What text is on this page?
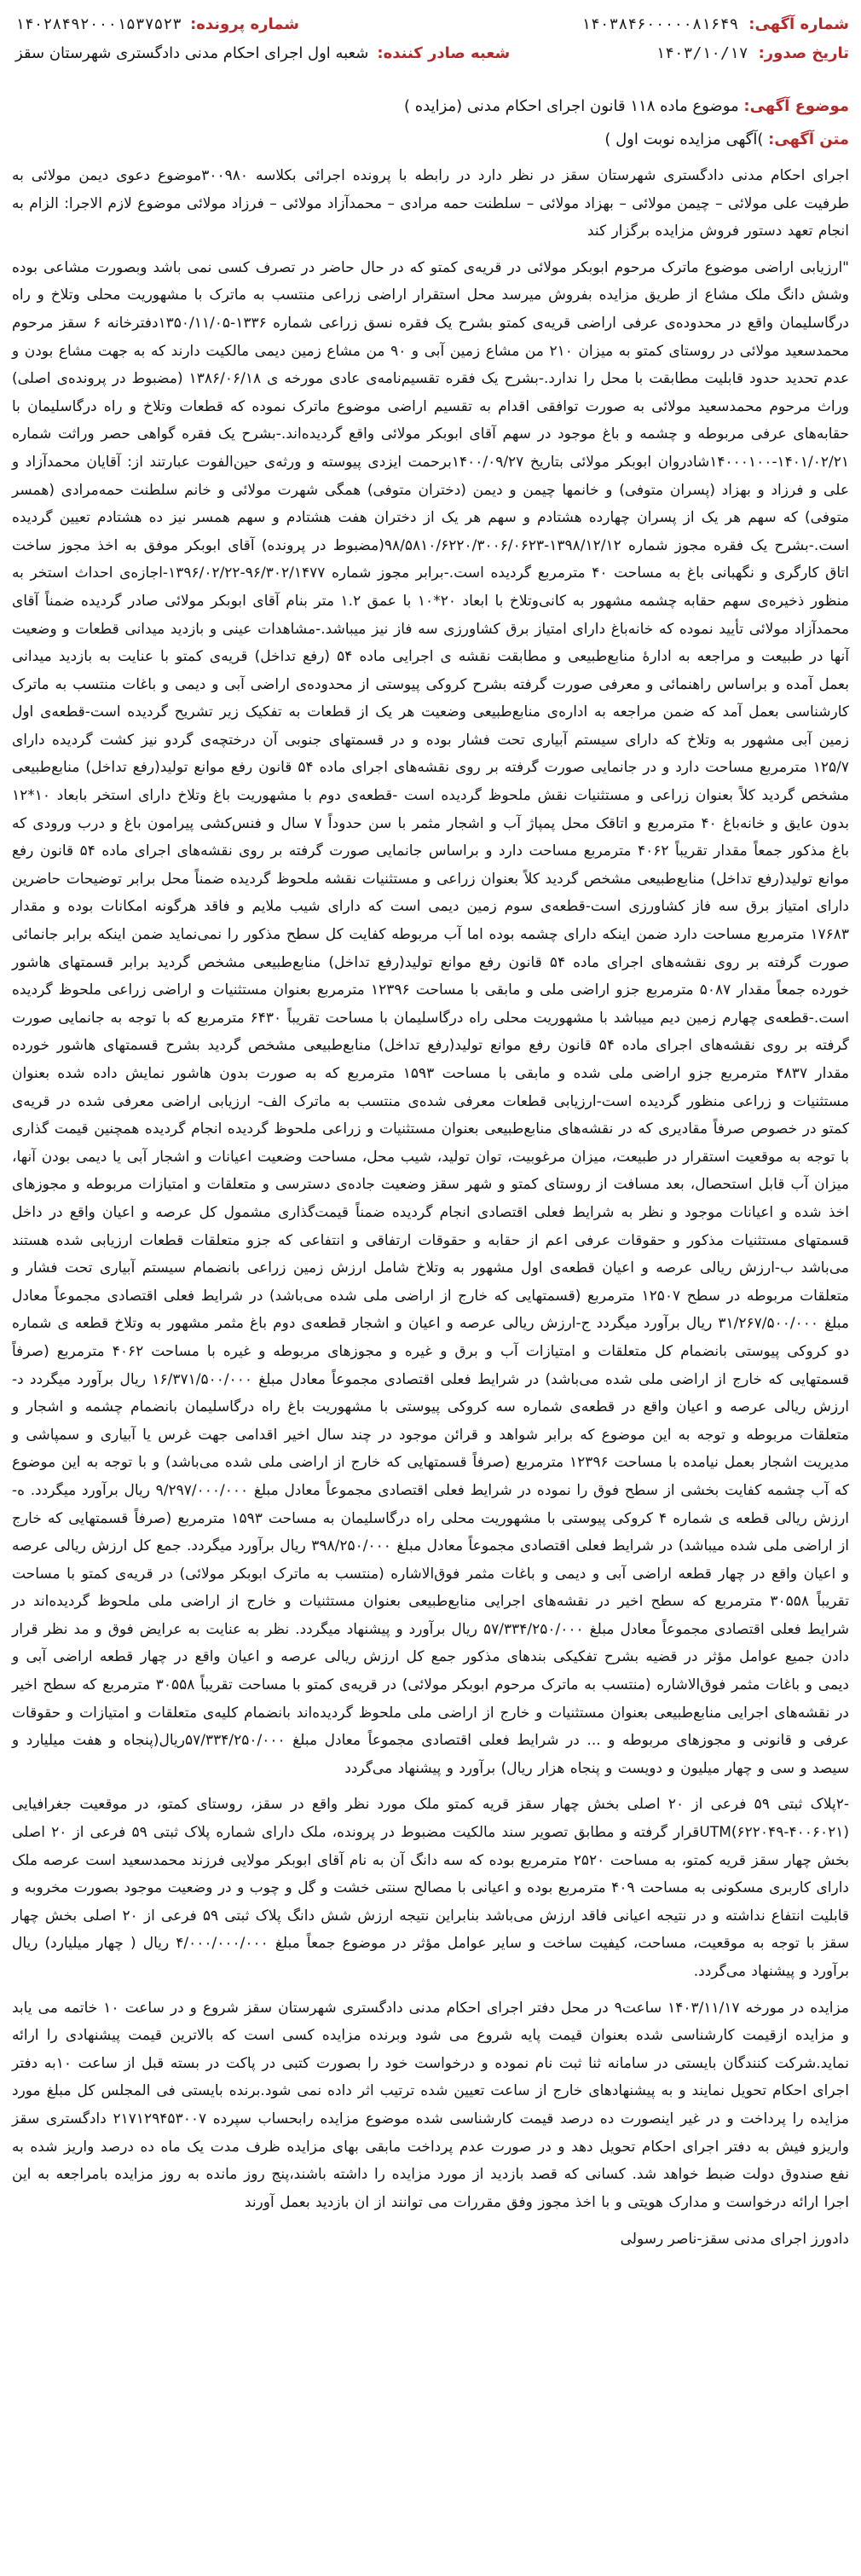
شماره آگهی:
۱۴۰۳۸۴۶۰۰۰۰۰۸۱۶۴۹
تاریخ صدور:
۱۴۰۳/۱۰/۱۷
شماره پرونده:
۱۴۰۲۸۴۹۲۰۰۰۱۵۳۷۵۲۳
شعبه صادر کننده:
شعبه اول اجرای احکام مدنی دادگستری شهرستان سقز
موضوع آگهی: موضوع ماده ۱۱۸ قانون اجرای احکام مدنی (مزایده )
متن آگهی: )آگهی مزایده نوبت اول )

اجرای احکام مدنی دادگستری شهرستان سقز در نظر دارد در رابطه با پرونده اجرائی بکلاسه ۳۰۰۹۸۰موضوع دعوی دیمن مولائی به طرفیت علی مولائی – چیمن مولائی – بهزاد مولائی – سلطنت حمه مرادی – محمدآزاد مولائی – فرزاد مولائی موضوع لازم الاجرا: الزام به انجام تعهد دستور فروش مزایده برگزار کند

"ارزیابی اراضی موضوع ماترک مرحوم ابوبکر مولائی در قریه‌ی کمتو که در حال حاضر در تصرف کسی نمی باشد وبصورت مشاعی بوده وشش دانگ ملک مشاع از طریق مزایده بفروش میرسد محل استقرار اراضی زراعی منتسب به ماترک با مشهوریت محلی وتلاخ و راه درگاسلیمان واقع در محدوده‌ی عرفی اراضی قریه‌ی کمتو بشرح یک فقره نسق زراعی شماره ۱۳۳۶-۱۳۵۰/۱۱/۰۵دفترخانه ۶ سقز مرحوم محمدسعید مولائی در روستای کمتو به میزان ۲۱۰ من مشاع زمین آبی و ۹۰ من مشاع زمین دیمی مالکیت دارند که به جهت مشاع بودن و عدم تحدید حدود قابلیت مطابقت با محل را ندارد.-بشرح یک فقره تقسیم‌نامه‌ی عادی مورخه ی ۱۳۸۶/۰۶/۱۸ (مضبوط در پرونده‌ی اصلی) وراث مرحوم محمدسعید مولائی به صورت توافقی اقدام به تقسیم اراضی موضوع ماترک نموده که قطعات وتلاخ و راه درگاسلیمان با حقابه‌های عرفی مربوطه و چشمه و باغ موجود در سهم آقای ابوبکر مولائی واقع گردیده‌اند.-بشرح یک فقره گواهی حصر وراثت شماره ۱۴۰۱/۰۲/۲۱-۱۴۰۰۰۱۰۰شادروان ابوبکر مولائی بتاریخ ۱۴۰۰/۰۹/۲۷برحمت ایزدی پیوسته و ورثه‌ی حین‌الفوت عبارتند از: آقایان محمدآزاد و علی و فرزاد و بهزاد (پسران متوفی) و خانمها چیمن و دیمن (دختران متوفی) همگی شهرت مولائی و خانم سلطنت حمه‌مرادی (همسر متوفی) که سهم هر یک از پسران چهارده هشتادم و سهم هر یک از دختران هفت هشتادم و سهم همسر نیز ده هشتادم تعیین گردیده است.-بشرح یک فقره مجوز شماره ۱۳۹۸/۱۲/۱۲-۹۸/۵۸۱۰/۶۲۲۰/۳۰۰۶/۰۶۲۳(مضبوط در پرونده) آقای ابوبکر موفق به اخذ مجوز ساخت اتاق کارگری و نگهبانی باغ به مساحت ۴۰ مترمربع گردیده است.-برابر مجوز شماره ۹۶/۳۰۲/۱۴۷۷-۱۳۹۶/۰۲/۲۲-اجازه‌ی احداث استخر به منظور ذخیره‌ی سهم حقابه چشمه مشهور به کانی‌وتلاخ با ابعاد ۲۰*۱۰ با عمق ۱.۲ متر بنام آقای ابوبکر مولائی صادر گردیده ضمناً آقای محمدآزاد مولائی تأیید نموده که خانه‌باغ دارای امتیاز برق کشاورزی سه فاز نیز میباشد.-مشاهدات عینی و بازدید میدانی قطعات و وضعیت آنها در طبیعت و مراجعه به ادارهٔ منابع‌طبیعی و مطابقت نقشه ی اجرایی ماده ۵۴ (رفع تداخل) قریه‌ی کمتو با عنایت به بازدید میدانی بعمل آمده و براساس راهنمائی و معرفی صورت گرفته بشرح کروکی پیوستی از محدوده‌ی اراضی آبی و دیمی و باغات منتسب به ماترک کارشناسی بعمل آمد که ضمن مراجعه به اداره‌ی منابع‌طبیعی وضعیت هر یک از قطعات به تفکیک زیر تشریح گردیده است-قطعه‌ی اول زمین آبی مشهور به وتلاخ که دارای سیستم آبیاری تحت فشار بوده و در قسمتهای جنوبی آن درختچه‌ی گردو نیز کشت گردیده دارای ۱۲۵/۷ مترمربع مساحت دارد و در جانمایی صورت گرفته بر روی نقشه‌های اجرای ماده ۵۴ قانون رفع موانع تولید(رفع تداخل) منابع‌طبیعی مشخص گردید کلاً بعنوان زراعی و مستثنیات نقش ملحوظ گردیده است -قطعه‌ی دوم با مشهوریت باغ وتلاخ دارای استخر بابعاد ۱۰*۱۲ بدون عایق و خانه‌باغ ۴۰ مترمربع و اتاقک محل پمپاژ آب و اشجار مثمر با سن حدوداً ۷ سال و فنس‌کشی پیرامون باغ و درب ورودی که باغ مذکور جمعاً مقدار تقریباً ۴۰۶۲ مترمربع مساحت دارد و براساس جانمایی صورت گرفته بر روی نقشه‌های اجرای ماده ۵۴ قانون رفع موانع تولید(رفع تداخل) منابع‌طبیعی مشخص گردید کلاً بعنوان زراعی و مستثنیات نقشه ملحوظ گردیده ضمناً محل برابر توضیحات حاضرین دارای امتیاز برق سه فاز کشاورزی است-قطعه‌ی سوم زمین دیمی است که دارای شیب ملایم و فاقد هرگونه امکانات بوده و مقدار ۱۷۶۸۳ مترمربع مساحت دارد ضمن اینکه دارای چشمه بوده اما آب مربوطه کفایت کل سطح مذکور را نمی‌نماید ضمن اینکه برابر جانمائی صورت گرفته بر روی نقشه‌های اجرای ماده ۵۴ قانون رفع موانع تولید(رفع تداخل) منابع‌طبیعی مشخص گردید برابر قسمتهای هاشور خورده جمعاً مقدار ۵۰۸۷ مترمربع جزو اراضی ملی و مابقی با مساحت ۱۲۳۹۶ مترمربع بعنوان مستثنیات و اراضی زراعی ملحوظ گردیده است.-قطعه‌ی چهارم زمین دیم میباشد با مشهوریت محلی راه درگاسلیمان با مساحت تقریباً ۶۴۳۰ مترمربع که با توجه به جانمایی صورت گرفته بر روی نقشه‌های اجرای ماده ۵۴ قانون رفع موانع تولید(رفع تداخل) منابع‌طبیعی مشخص گردید بشرح قسمتهای هاشور خورده مقدار ۴۸۳۷ مترمربع جزو اراضی ملی شده و مابقی با مساحت ۱۵۹۳ مترمربع که به صورت بدون هاشور نمایش داده شده بعنوان مستثنیات و زراعی منظور گردیده است-ارزیابی قطعات معرفی شده‌ی منتسب به ماترک الف- ارزیابی اراضی معرفی شده در قریه‌ی کمتو در خصوص صرفاً مقادیری که در نقشه‌های منابع‌طبیعی بعنوان مستثنیات و زراعی ملحوظ گردیده انجام گردیده همچنین قیمت گذاری با توجه به موقعیت استقرار در طبیعت، میزان مرغوبیت، توان تولید، شیب محل، مساحت وضعیت اعیانات و اشجار آبی یا دیمی بودن آنها، میزان آب قابل استحصال، بعد مسافت از روستای کمتو و شهر سقز وضعیت جاده‌ی دسترسی و متعلقات و امتیازات مربوطه و مجوزهای اخذ شده و اعیانات موجود و نظر به شرایط فعلی اقتصادی انجام گردیده ضمناً قیمت‌گذاری مشمول کل عرصه و اعیان واقع در داخل قسمتهای مستثنیات مذکور و حقوقات عرفی اعم از حقابه و حقوقات ارتفاقی و انتفاعی که جزو متعلقات قطعات ارزیابی شده هستند می‌باشد ب-ارزش ریالی عرصه و اعیان قطعه‌ی اول مشهور به وتلاخ شامل ارزش زمین زراعی بانضمام سیستم آبیاری تحت فشار و متعلقات مربوطه در سطح ۱۲۵۰۷ مترمربع (قسمتهایی که خارج از اراضی ملی شده می‌باشد) در شرایط فعلی اقتصادی مجموعاً معادل مبلغ ۳۱/۲۶۷/۵۰۰/۰۰۰ ریال برآورد میگردد ج-ارزش ریالی عرصه و اعیان و اشجار قطعه‌ی دوم باغ مثمر مشهور به وتلاخ قطعه ی شماره دو کروکی پیوستی بانضمام کل متعلقات و امتیازات آب و برق و غیره و مجوزهای مربوطه و غیره با مساحت ۴۰۶۲ مترمربع (صرفاً قسمتهایی که خارج از اراضی ملی شده می‌باشد) در شرایط فعلی اقتصادی مجموعاً معادل مبلغ ۱۶/۳۷۱/۵۰۰/۰۰۰ ریال برآورد میگردد د-ارزش ریالی عرصه و اعیان واقع در قطعه‌ی شماره سه کروکی پیوستی با مشهوریت باغ راه درگاسلیمان بانضمام چشمه و اشجار و متعلقات مربوطه و توجه به این موضوع که برابر شواهد و قرائن موجود در چند سال اخیر اقدامی جهت غرس یا آبیاری و سمپاشی و مدیریت اشجار بعمل نیامده با مساحت ۱۲۳۹۶ مترمربع (صرفاً قسمتهایی که خارج از اراضی ملی شده می‌باشد) و با توجه به این موضوع که آب چشمه کفایت بخشی از سطح فوق را نموده در شرایط فعلی اقتصادی مجموعاً معادل مبلغ ۹/۲۹۷/۰۰۰/۰۰۰ ریال برآورد میگردد. ه-ارزش ریالی قطعه ی شماره ۴ کروکی پیوستی با مشهوریت محلی راه درگاسلیمان به مساحت ۱۵۹۳ مترمربع (صرفاً قسمتهایی که خارج از اراضی ملی شده میباشد) در شرایط فعلی اقتصادی مجموعاً معادل مبلغ ۳۹۸/۲۵۰/۰۰۰ ریال برآورد میگردد. جمع کل ارزش ریالی عرصه و اعیان واقع در چهار قطعه اراضی آبی و دیمی و باغات مثمر فوق‌الاشاره (منتسب به ماترک ابوبکر مولائی) در قریه‌ی کمتو با مساحت تقریباً ۳۰۵۵۸ مترمربع که سطح اخیر در نقشه‌های اجرایی منابع‌طبیعی بعنوان مستثنیات و خارج از اراضی ملی ملحوظ گردیده‌اند در شرایط فعلی اقتصادی مجموعاً معادل مبلغ ۵۷/۳۳۴/۲۵۰/۰۰۰ ریال برآورد و پیشنهاد میگردد. نظر به عنایت به عرایض فوق و مد نظر قرار دادن جمیع عوامل مؤثر در قضیه بشرح تفکیکی بندهای مذکور جمع کل ارزش ریالی عرصه و اعیان واقع در چهار قطعه اراضی آبی و دیمی و باغات مثمر فوق‌الاشاره (منتسب به ماترک مرحوم ابوبکر مولائی) در قریه‌ی کمتو با مساحت تقریباً ۳۰۵۵۸ مترمربع که سطح اخیر در نقشه‌های اجرایی منابع‌طبیعی بعنوان مستثنیات و خارج از اراضی ملی ملحوظ گردیده‌اند بانضمام کلیه‌ی متعلقات و امتیازات و حقوقات عرفی و قانونی و مجوزهای مربوطه و ... در شرایط فعلی اقتصادی مجموعاً معادل مبلغ ۵۷/۳۳۴/۲۵۰/۰۰۰ریال(پنجاه و هفت میلیارد و سیصد و سی و چهار میلیون و دویست و پنجاه هزار ریال) برآورد و پیشنهاد می‌گردد

-۲پلاک ثبتی ۵۹ فرعی از ۲۰ اصلی بخش چهار سقز قریه کمتو ملک مورد نظر واقع در سقز، روستای کمتو، در موقعیت جغرافیایی UTM(۶۲۲۰۴۹-۴۰۰۶۰۲۱)قرار گرفته و مطابق تصویر سند مالکیت مضبوط در پرونده، ملک دارای شماره پلاک ثبتی ۵۹ فرعی از ۲۰ اصلی بخش چهار سقز قریه کمتو، به مساحت ۲۵۲۰ مترمربع بوده که سه دانگ آن به نام آقای ابوبکر مولایی فرزند محمدسعید است عرصه ملک دارای کاربری مسکونی به مساحت ۴۰۹ مترمربع بوده و اعیانی با مصالح سنتی خشت و گل و چوب و در وضعیت موجود بصورت مخروبه و قابلیت انتفاع نداشته و در نتیجه اعیانی فاقد ارزش می‌باشد بنابراین نتیجه ارزش شش دانگ پلاک ثبتی ۵۹ فرعی از ۲۰ اصلی بخش چهار سقز با توجه به موقعیت، مساحت، کیفیت ساخت و سایر عوامل مؤثر در موضوع جمعاً مبلغ ۴/۰۰۰/۰۰۰/۰۰۰ ریال ( چهار میلیارد) ریال برآورد و پیشنهاد می‌گردد.

مزایده در مورخه ۱۴۰۳/۱۱/۱۷ ساعت۹ در محل دفتر اجرای احکام مدنی دادگستری شهرستان سقز شروع و در ساعت ۱۰ خاتمه می یابد و مزایده ازقیمت کارشناسی شده بعنوان قیمت پایه شروع می شود وبرنده مزایده کسی است که بالاترین قیمت پیشنهادی را ارائه نماید.شرکت کنندگان بایستی در سامانه ثنا ثبت نام نموده و درخواست خود را بصورت کتبی در پاکت در بسته قبل از ساعت ۱۰به دفتر اجرای احکام تحویل نمایند و به پیشنهادهای خارج از ساعت تعیین شده ترتیب اثر داده نمی شود.برنده بایستی فی المجلس کل مبلغ مورد مزایده را پرداخت و در غیر اینصورت ده درصد قیمت کارشناسی شده موضوع مزایده رابحساب سپرده ۲۱۷۱۲۹۴۵۳۰۰۷ دادگستری سقز واریزو فیش به دفتر اجرای احکام تحویل دهد و در صورت عدم پرداخت مابقی بهای مزایده ظرف مدت یک ماه ده درصد واریز شده به نفع صندوق دولت ضبط خواهد شد. کسانی که قصد بازدید از مورد مزایده را داشته باشند،پنج روز مانده به روز مزایده بامراجعه به این اجرا ارائه درخواست و مدارک هویتی و با اخذ مجوز وفق مقررات می توانند از ان بازدید بعمل آورند

دادورز اجرای مدنی سقز-ناصر رسولی
